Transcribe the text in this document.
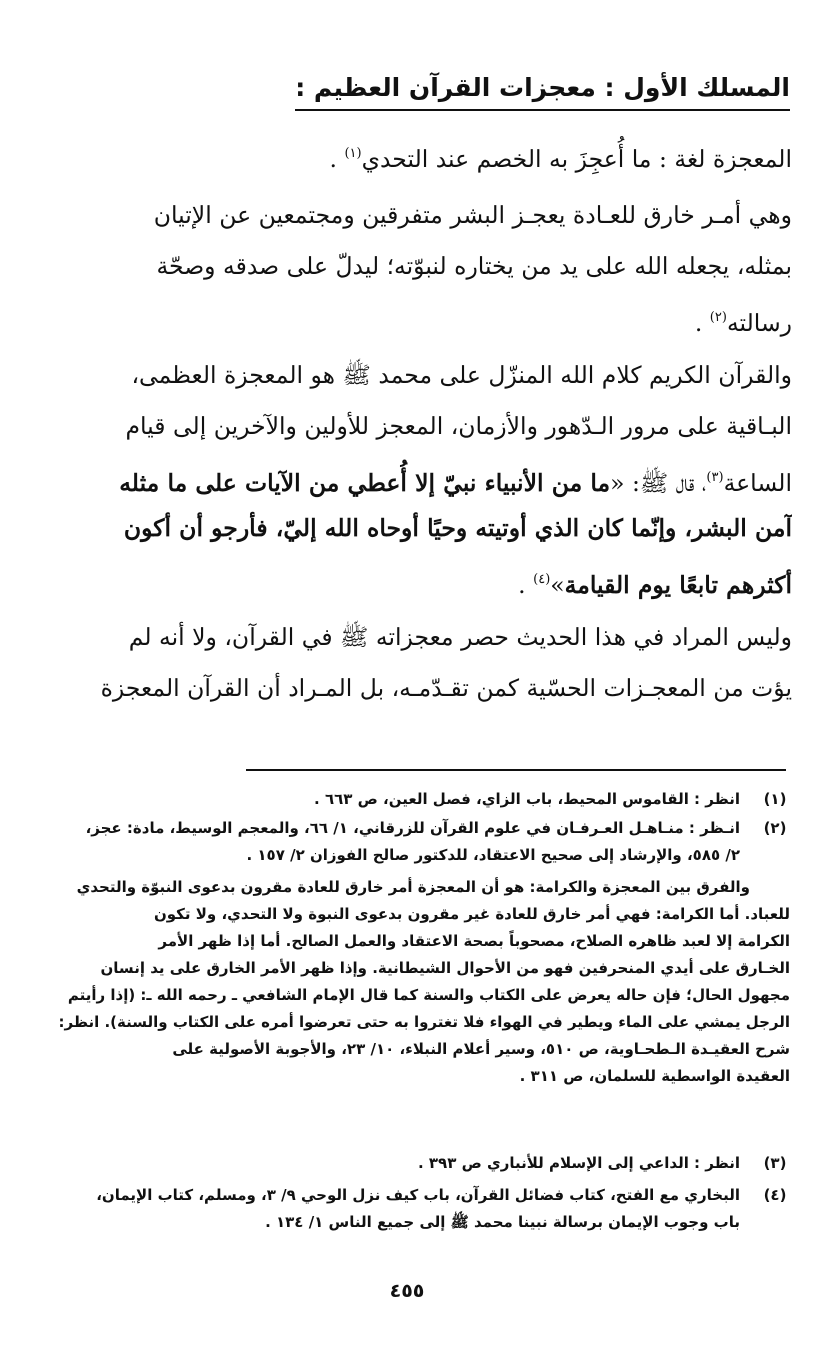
المسلك الأول : معجزات القرآن العظيم :
المعجزة لغة : ما أُعجِزَ به الخصم عند التحدي$^{(١)}$ .
وهي أمـر خارق للعـادة يعجـز البشر متفرقين ومجتمعين عن الإتيان
بمثله، يجعله الله على يد من يختاره لنبوّته؛ ليدلّ على صدقه وصحّة
رسالته$^{(٢)}$ .
والقرآن الكريم كلام الله المنزّل على محمد ﷺ هو المعجزة العظمى،
البـاقية على مرور الـدّهور والأزمان، المعجز للأولين والآخرين إلى قيام
الساعة$^{(٣)}$، قال ﷺ: «ما من الأنبياء نبيّ إلا أُعطي من الآيات على ما مثله
آمن البشر، وإنّما كان الذي أوتيته وحيًا أوحاه الله إليّ، فأرجو أن أكون
أكثرهم تابعًا يوم القيامة»$^{(٤)}$ .
وليس المراد في هذا الحديث حصر معجزاته ﷺ في القرآن، ولا أنه لم
يؤت من المعجـزات الحسّية كمن تقـدّمـه، بل المـراد أن القرآن المعجزة
(١)
انظر : القاموس المحيط، باب الزاي، فصل العين، ص ٦٦٣ .
(٢)
انـظر : منـاهـل العـرفـان في علوم القرآن للزرقاني، ١/ ٦٦، والمعجم الوسيط، مادة: عجز،
٢/ ٥٨٥، والإرشاد إلى صحيح الاعتقاد، للدكتور صالح الفوزان ٢/ ١٥٧ .
والفرق بين المعجزة والكرامة: هو أن المعجزة أمر خارق للعادة مقرون بدعوى النبوّة والتحدي
للعباد. أما الكرامة: فهي أمر خارق للعادة غير مقرون بدعوى النبوة ولا التحدي، ولا تكون
الكرامة إلا لعبد ظاهره الصلاح، مصحوباً بصحة الاعتقاد والعمل الصالح. أما إذا ظهر الأمر
الخـارق على أيدي المنحرفين فهو من الأحوال الشيطانية. وإذا ظهر الأمر الخارق على يد إنسان
مجهول الحال؛ فإن حاله يعرض على الكتاب والسنة كما قال الإمام الشافعي ـ رحمه الله ـ: (إذا رأيتم
الرجل يمشي على الماء ويطير في الهواء فلا تغتروا به حتى تعرضوا أمره على الكتاب والسنة). انظر:
شرح العقيـدة الـطحـاوية، ص ٥١٠، وسير أعلام النبلاء، ١٠/ ٢٣، والأجوبة الأصولية على
العقيدة الواسطية للسلمان، ص ٣١١ .
(٣)
انظر : الداعي إلى الإسلام للأنباري ص ٣٩٣ .
(٤)
البخاري مع الفتح، كتاب فضائل القرآن، باب كيف نزل الوحي ٩/ ٣، ومسلم، كتاب الإيمان،
باب وجوب الإيمان برسالة نبينا محمد ﷺ إلى جميع الناس ١/ ١٣٤ .
٤٥٥
